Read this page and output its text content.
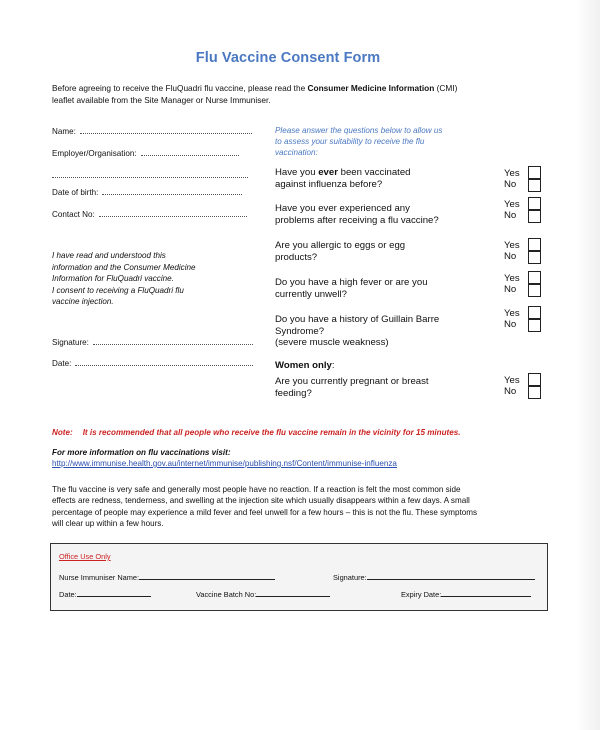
Flu Vaccine Consent Form
Before agreeing to receive the FluQuadri flu vaccine, please read the Consumer Medicine Information (CMI)
leaflet available from the Site Manager or Nurse Immuniser.
Name:
Employer/Organisation:
Date of birth:
Contact No:
I have read and understood this
information and the Consumer Medicine
Information for FluQuadri vaccine.
I consent to receiving a FluQuadri flu
vaccine injection.
Signature:
Date:
Please answer the questions below to allow us
to assess your suitability to receive the flu
vaccination:
Have you ever been vaccinated
against influenza before?
Yes
No
Have you ever experienced any
problems after receiving a flu vaccine?
Yes
No
Are you allergic to eggs or egg
products?
Yes
No
Do you have a high fever or are you
currently unwell?
Yes
No
Do you have a history of Guillain Barre
Syndrome?
(severe muscle weakness)
Yes
No
Women only:
Are you currently pregnant or breast
feeding?
Yes
No
Note: It is recommended that all people who receive the flu vaccine remain in the vicinity for 15 minutes.
For more information on flu vaccinations visit:
http://www.immunise.health.gov.au/internet/immunise/publishing.nsf/Content/immunise-influenza
The flu vaccine is very safe and generally most people have no reaction. If a reaction is felt the most common side
effects are redness, tenderness, and swelling at the injection site which usually disappears within a few days. A small
percentage of people may experience a mild fever and feel unwell for a few hours – this is not the flu. These symptoms
will clear up within a few hours.
Office Use Only
Nurse Immuniser Name:	Signature:
Date:	Vaccine Batch No:	Expiry Date:
